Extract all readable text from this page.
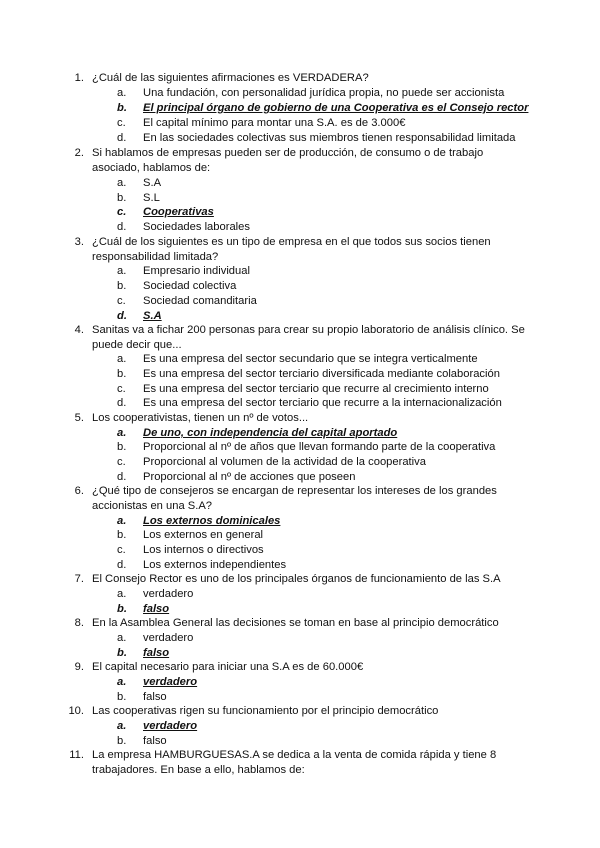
1. ¿Cuál de las siguientes afirmaciones es VERDADERA?
a.	Una fundación, con personalidad jurídica propia, no puede ser accionista
b.	El principal órgano de gobierno de una Cooperativa es el Consejo rector
c.	El capital mínimo para montar una S.A. es de 3.000€
d.	En las sociedades colectivas sus miembros tienen responsabilidad limitada
2. Si hablamos de empresas pueden ser de producción, de consumo o de trabajo asociado, hablamos de:
a.	S.A
b.	S.L
c.	Cooperativas
d.	Sociedades laborales
3. ¿Cuál de los siguientes es un tipo de empresa en el que todos sus socios tienen responsabilidad limitada?
a.	Empresario individual
b.	Sociedad colectiva
c.	Sociedad comanditaria
d.	S.A
4. Sanitas va a fichar 200 personas para crear su propio laboratorio de análisis clínico. Se puede decir que...
a.	Es una empresa del sector secundario que se integra verticalmente
b.	Es una empresa del sector terciario diversificada mediante colaboración
c.	Es una empresa del sector terciario que recurre al crecimiento interno
d.	Es una empresa del sector terciario que recurre a la internacionalización
5. Los cooperativistas, tienen un nº de votos...
a.	De uno, con independencia del capital aportado
b.	Proporcional al nº de años que llevan formando parte de la cooperativa
c.	Proporcional al volumen de la actividad de la cooperativa
d.	Proporcional al nº de acciones que poseen
6. ¿Qué tipo de consejeros se encargan de representar los intereses de los grandes accionistas en una S.A?
a.	Los externos dominicales
b.	Los externos en general
c.	Los internos o directivos
d.	Los externos independientes
7. El Consejo Rector es uno de los principales órganos de funcionamiento de las S.A
a.	verdadero
b.	falso
8. En la Asamblea General las decisiones se toman en base al principio democrático
a.	verdadero
b.	falso
9. El capital necesario para iniciar una S.A es de 60.000€
a.	verdadero
b.	falso
10. Las cooperativas rigen su funcionamiento por el principio democrático
a.	verdadero
b.	falso
11. La empresa HAMBURGUESAS.A se dedica a la venta de comida rápida y tiene 8 trabajadores. En base a ello, hablamos de:
